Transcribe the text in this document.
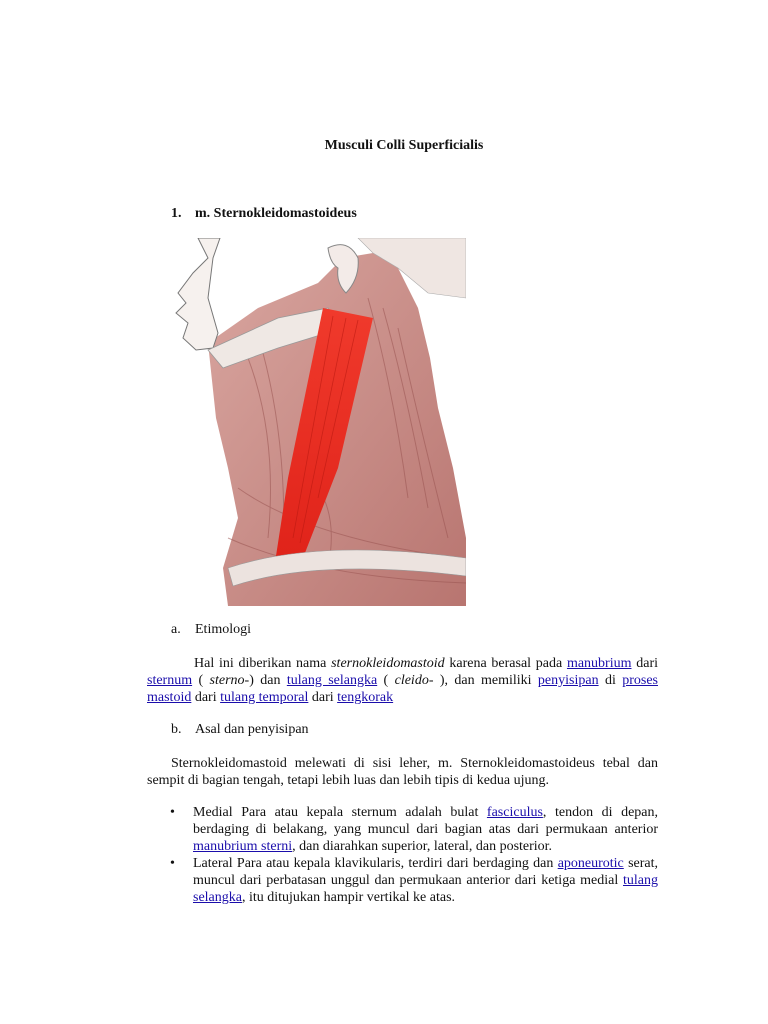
Musculi Colli Superficialis
1. m. Sternokleidomastoideus
a. Etimologi
Hal ini diberikan nama sternokleidomastoid karena berasal pada manubrium dari sternum ( sterno-) dan tulang selangka ( cleido- ), dan memiliki penyisipan di proses mastoid dari tulang temporal dari tengkorak
b. Asal dan penyisipan
Sternokleidomastoid melewati di sisi leher, m. Sternokleidomastoideus tebal dan sempit di bagian tengah, tetapi lebih luas dan lebih tipis di kedua ujung.
• Medial Para atau kepala sternum adalah bulat fasciculus, tendon di depan, berdaging di belakang, yang muncul dari bagian atas dari permukaan anterior manubrium sterni, dan diarahkan superior, lateral, dan posterior.
• Lateral Para atau kepala klavikularis, terdiri dari berdaging dan aponeurotic serat, muncul dari perbatasan unggul dan permukaan anterior dari ketiga medial tulang selangka, itu ditujukan hampir vertikal ke atas.
